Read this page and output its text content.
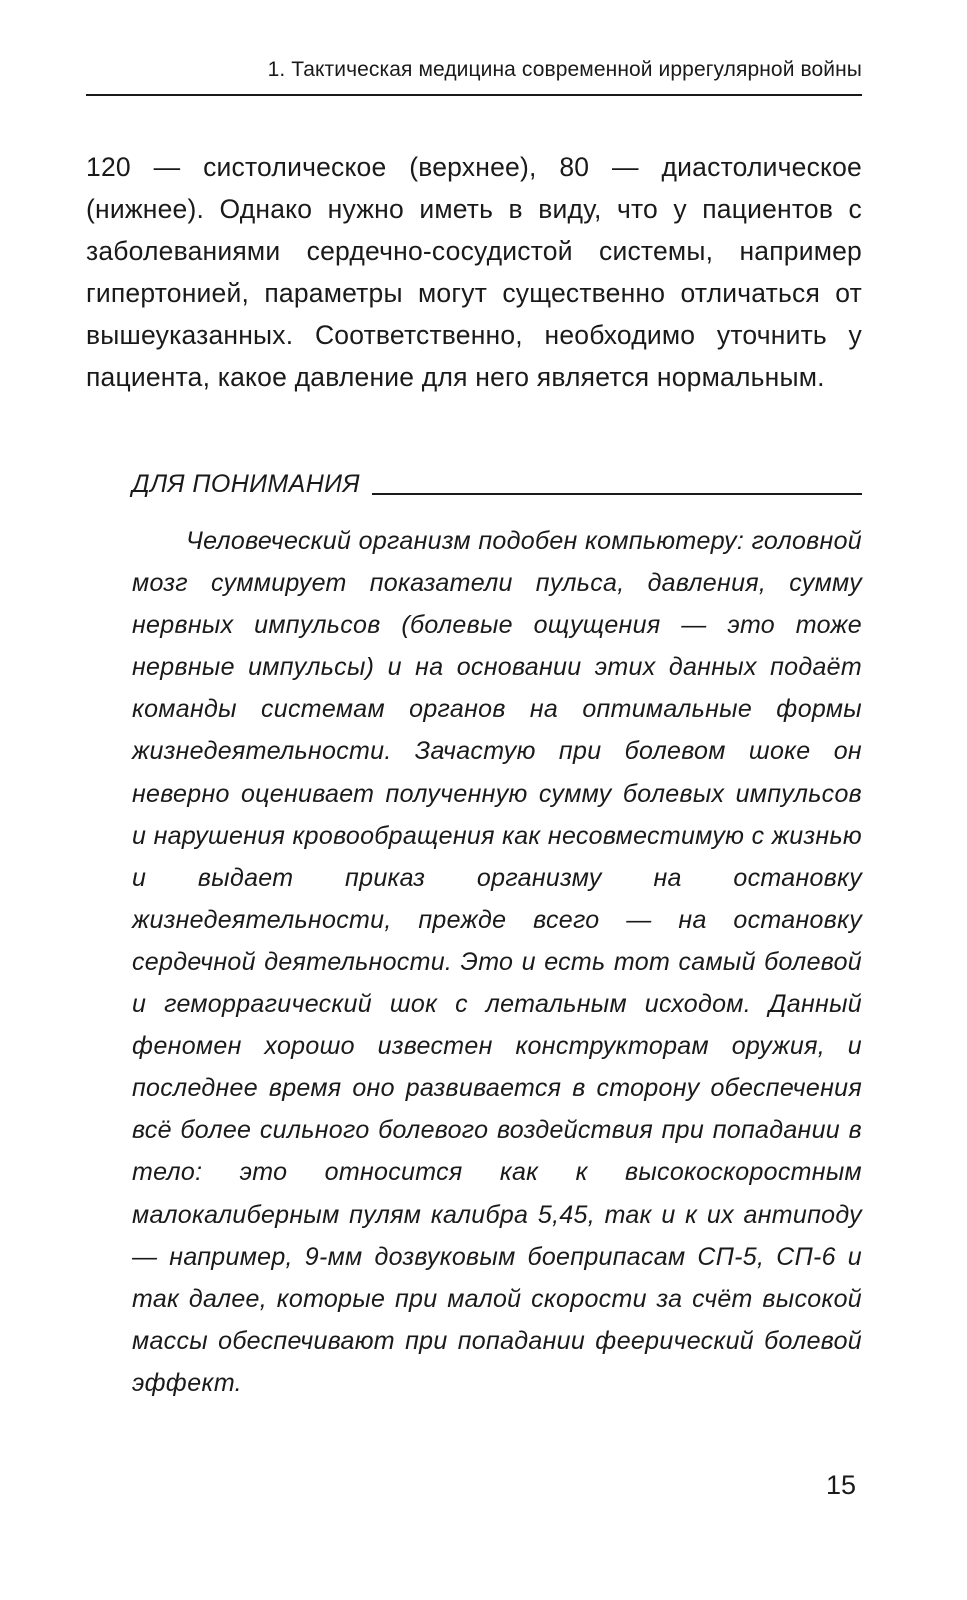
1. Тактическая медицина современной иррегулярной войны

120 — систолическое (верхнее), 80 — диастолическое (нижнее). Однако нужно иметь в виду, что у пациентов с заболеваниями сердечно-сосудистой системы, например гипертонией, параметры могут существенно отличаться от вышеуказанных. Соответственно, необходимо уточнить у пациента, какое давление для него является нормальным.

ДЛЯ ПОНИМАНИЯ

Человеческий организм подобен компьютеру: головной мозг суммирует показатели пульса, давления, сумму нервных импульсов (болевые ощущения — это тоже нервные импульсы) и на основании этих данных подаёт команды системам органов на оптимальные формы жизнедеятельности. Зачастую при болевом шоке он неверно оценивает полученную сумму болевых импульсов и нарушения кровообращения как несовместимую с жизнью и выдает приказ организму на остановку жизнедеятельности, прежде всего — на остановку сердечной деятельности. Это и есть тот самый болевой и геморрагический шок с летальным исходом. Данный феномен хорошо известен конструкторам оружия, и последнее время оно развивается в сторону обеспечения всё более сильного болевого воздействия при попадании в тело: это относится как к высокоскоростным малокалиберным пулям калибра 5,45, так и к их антиподу — например, 9-мм дозвуковым боеприпасам СП-5, СП-6 и так далее, которые при малой скорости за счёт высокой массы обеспечивают при попадании феерический болевой эффект.

15
